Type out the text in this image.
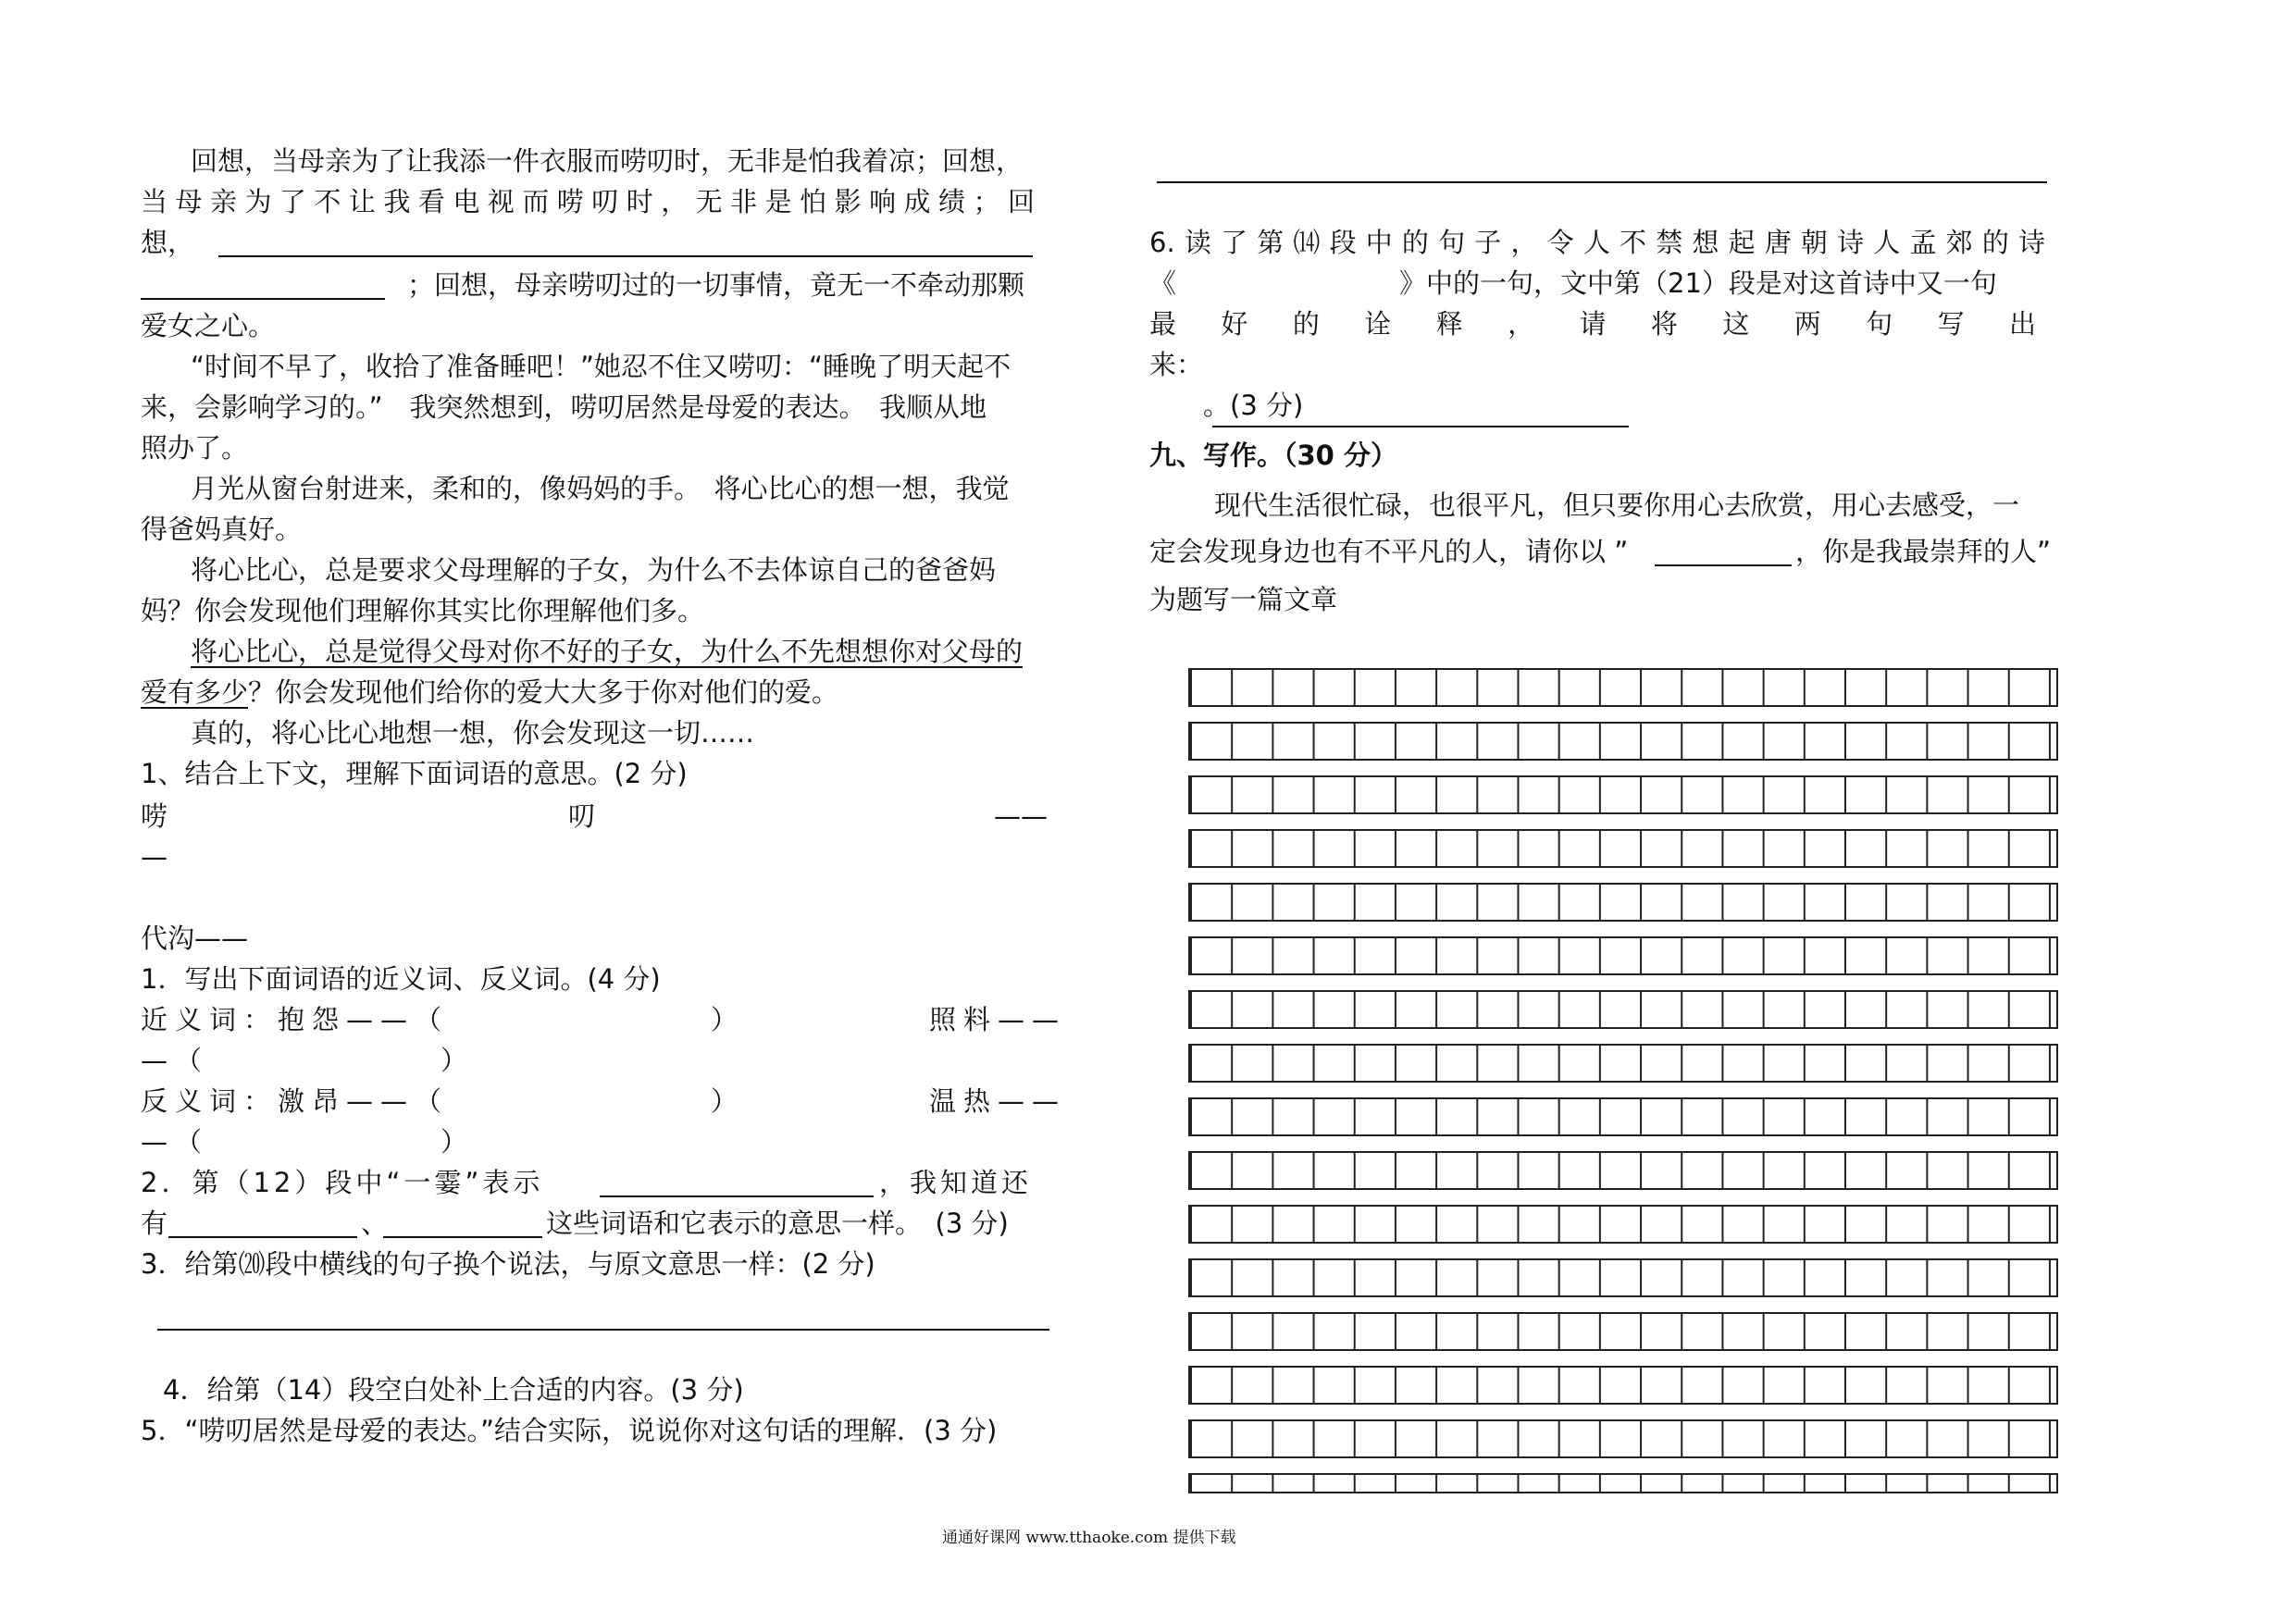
回想，当母亲为了让我添一件衣服而唠叨时，无非是怕我着凉；回想，
当母亲为了不让我看电视而唠叨时，无非是怕影响成绩；回
想，
；回想，母亲唠叨过的一切事情，竟无一不牵动那颗
爱女之心。
“时间不早了，收拾了准备睡吧！”她忍不住又唠叨：“睡晚了明天起不
来，会影响学习的。”　我突然想到，唠叨居然是母爱的表达。　我顺从地
照办了。
月光从窗台射进来，柔和的，像妈妈的手。　将心比心的想一想，我觉
得爸妈真好。
将心比心，总是要求父母理解的子女，为什么不去体谅自己的爸爸妈
妈？你会发现他们理解你其实比你理解他们多。
将心比心，总是觉得父母对你不好的子女，为什么不先想想你对父母的
爱有多少？你会发现他们给你的爱大大多于你对他们的爱。
真的，将心比心地想一想，你会发现这一切……
1、结合上下文，理解下面词语的意思。(2 分)
唠	叨	——
—
代沟——
1．写出下面词语的近义词、反义词。(4 分)
近义词：抱怨——（	）	照料——
—（	）
反义词：激昂——（	）	温热——
—（	）
2．第（12）段中“一霎”表示	，我知道还
有	、	这些词语和它表示的意思一样。　(3 分)
3．给第⒇段中横线的句子换个说法，与原文意思一样：(2 分)
4．给第（14）段空白处补上合适的内容。(3 分)
5．“唠叨居然是母爱的表达。”结合实际，说说你对这句话的理解．(3 分)
6.读了第⒁段中的句子，令人不禁想起唐朝诗人孟郊的诗
《	》中的一句，文中第（21）段是对这首诗中又一句
最好的诠释，请将这两句写出
来：
。(3 分)
九、写作。（30 分）
现代生活很忙碌，也很平凡，但只要你用心去欣赏，用心去感受，一
定会发现身边也有不平凡的人，请你以 ”	，你是我最崇拜的人”
为题写一篇文章
通通好课网 www.tthaoke.com 提供下载
